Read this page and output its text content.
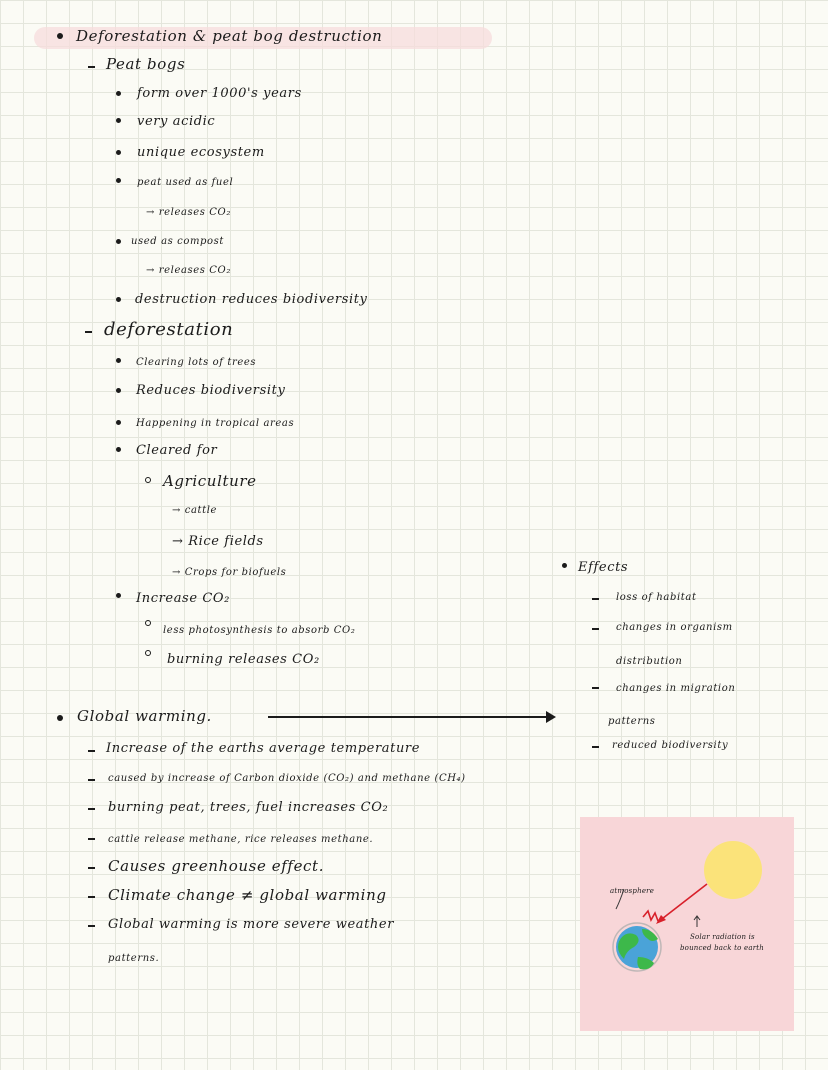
Deforestation & peat bog destruction
Peat bogs
form over 1000's years
very acidic
unique ecosystem
peat used as fuel
→ releases CO₂
used as compost
→ releases CO₂
destruction reduces biodiversity
deforestation
Clearing lots of trees
Reduces biodiversity
Happening in tropical areas
Cleared for
Agriculture
→ cattle
→ Rice fields
→ Crops for biofuels
Increase CO₂
less photosynthesis to absorb CO₂
burning releases CO₂
Effects
loss of habitat
changes in organism
distribution
changes in migration
patterns
reduced biodiversity
Global warming.
Increase of the earths average temperature
caused by increase of Carbon dioxide (CO₂) and methane (CH₄)
burning peat, trees, fuel increases CO₂
cattle release methane, rice releases methane.
Causes greenhouse effect.
Climate change ≠ global warming
Global warming is more severe weather
patterns.
atmosphere
Solar radiation is
bounced back to earth
